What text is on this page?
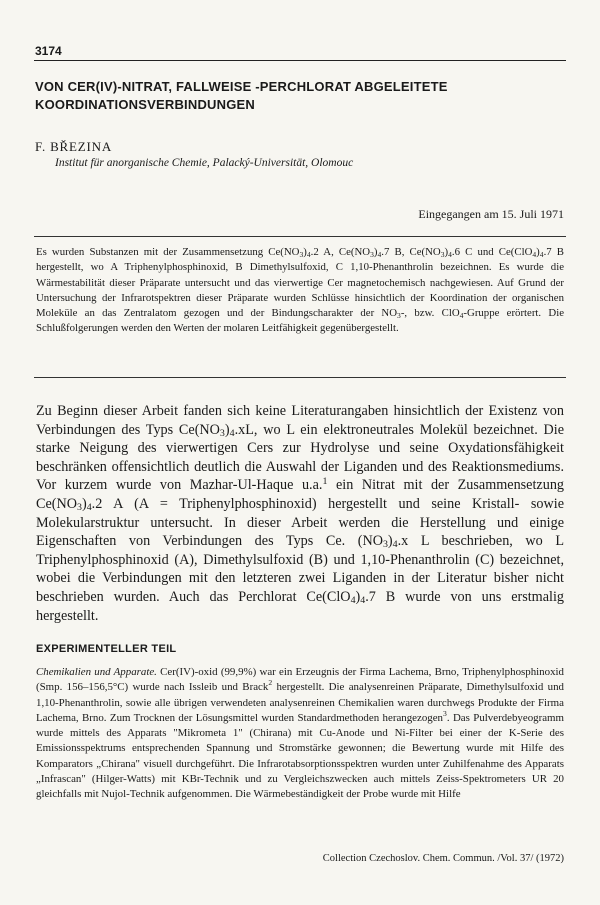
3174
VON CER(IV)-NITRAT, FALLWEISE -PERCHLORAT ABGELEITETE KOORDINATIONSVERBINDUNGEN
F. BŘEZINA
Institut für anorganische Chemie, Palacký-Universität, Olomouc
Eingegangen am 15. Juli 1971

Es wurden Substanzen mit der Zusammensetzung $Ce(NO_3)_4.2$ A, $Ce(NO_3)_4.7$ B, $Ce(NO_3)_4.6$ C und $Ce(ClO_4)_4.7$ B hergestellt, wo A Triphenylphosphinoxid, B Dimethylsulfoxid, C 1,10-Phenanthrolin bezeichnen. Es wurde die Wärmestabilität dieser Präparate untersucht und das vierwertige Cer magnetochemisch nachgewiesen. Auf Grund der Untersuchung der Infrarotspektren dieser Präparate wurden Schlüsse hinsichtlich der Koordination der organischen Moleküle an das Zentralatom gezogen und der Bindungscharakter der $NO_3-$, bzw. ClO$_4$-Gruppe erörtert. Die Schlußfolgerungen werden den Werten der molaren Leitfähigkeit gegenübergestellt.

Zu Beginn dieser Arbeit fanden sich keine Literaturangaben hinsichtlich der Existenz von Verbindungen des Typs $Ce(NO_3)_4.xL$, wo L ein elektroneutrales Molekül bezeichnet. Die starke Neigung des vierwertigen Cers zur Hydrolyse und seine Oxydationsfähigkeit beschränken offensichtlich deutlich die Auswahl der Liganden und des Reaktionsmediums. Vor kurzem wurde von Mazhar-Ul-Haque u.a.$^1$ ein Nitrat mit der Zusammensetzung $Ce(NO_3)_4.2$ A (A = Triphenylphosphinoxid) hergestellt und seine Kristall- sowie Molekularstruktur untersucht. In dieser Arbeit werden die Herstellung und einige Eigenschaften von Verbindungen des Typs Ce. $(NO_3)_4.x$ L beschrieben, wo L Triphenylphosphinoxid (A), Dimethylsulfoxid (B) und 1,10-Phenanthrolin (C) bezeichnet, wobei die Verbindungen mit den letzteren zwei Liganden in der Literatur bisher nicht beschrieben wurden. Auch das Perchlorat $Ce(ClO_4)_4.7$ B wurde von uns erstmalig hergestellt.

EXPERIMENTELLER TEIL

Chemikalien und Apparate. Cer(IV)-oxid (99,9%) war ein Erzeugnis der Firma Lachema, Brno, Triphenylphosphinoxid (Smp. 156–156,5°C) wurde nach Issleib und Brack$^2$ hergestellt. Die analysenreinen Präparate, Dimethylsulfoxid und 1,10-Phenanthrolin, sowie alle übrigen verwendeten analysenreinen Chemikalien waren durchwegs Produkte der Firma Lachema, Brno. Zum Trocknen der Lösungsmittel wurden Standardmethoden herangezogen$^3$. Das Pulverdebyeogramm wurde mittels des Apparats "Mikrometa 1" (Chirana) mit Cu-Anode und Ni-Filter bei einer der K-Serie des Emissionsspektrums entsprechenden Spannung und Stromstärke gewonnen; die Bewertung wurde mit Hilfe des Komparators „Chirana" visuell durchgeführt. Die Infrarotabsorptionsspektren wurden unter Zuhilfenahme des Apparats „Infrascan" (Hilger-Watts) mit KBr-Technik und zu Vergleichszwecken auch mittels Zeiss-Spektrometers UR 20 gleichfalls mit Nujol-Technik aufgenommen. Die Wärmebeständigkeit der Probe wurde mit Hilfe

Collection Czechoslov. Chem. Commun. /Vol. 37/ (1972)
